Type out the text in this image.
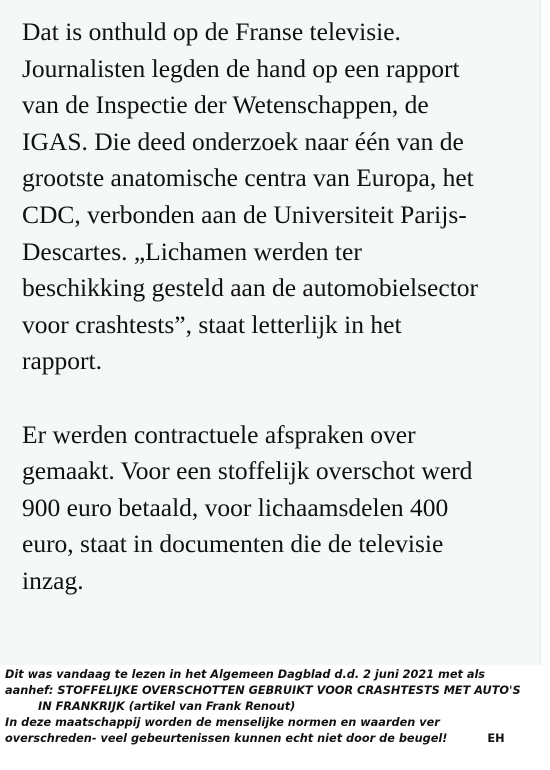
Dat is onthuld op de Franse televisie.
Journalisten legden de hand op een rapport
van de Inspectie der Wetenschappen, de
IGAS. Die deed onderzoek naar één van de
grootste anatomische centra van Europa, het
CDC, verbonden aan de Universiteit Parijs-
Descartes. „Lichamen werden ter
beschikking gesteld aan de automobielsector
voor crashtests”, staat letterlijk in het
rapport.
Er werden contractuele afspraken over
gemaakt. Voor een stoffelijk overschot werd
900 euro betaald, voor lichaamsdelen 400
euro, staat in documenten die de televisie
inzag.
Dit was vandaag te lezen in het Algemeen Dagblad d.d. 2 juni 2021 met als
aanhef: STOFFELIJKE OVERSCHOTTEN GEBRUIKT VOOR CRASHTESTS MET AUTO'S
IN FRANKRIJK (artikel van Frank Renout)
In deze maatschappij worden de menselijke normen en waarden ver
overschreden- veel gebeurtenissen kunnen echt niet door de beugel!	EH
